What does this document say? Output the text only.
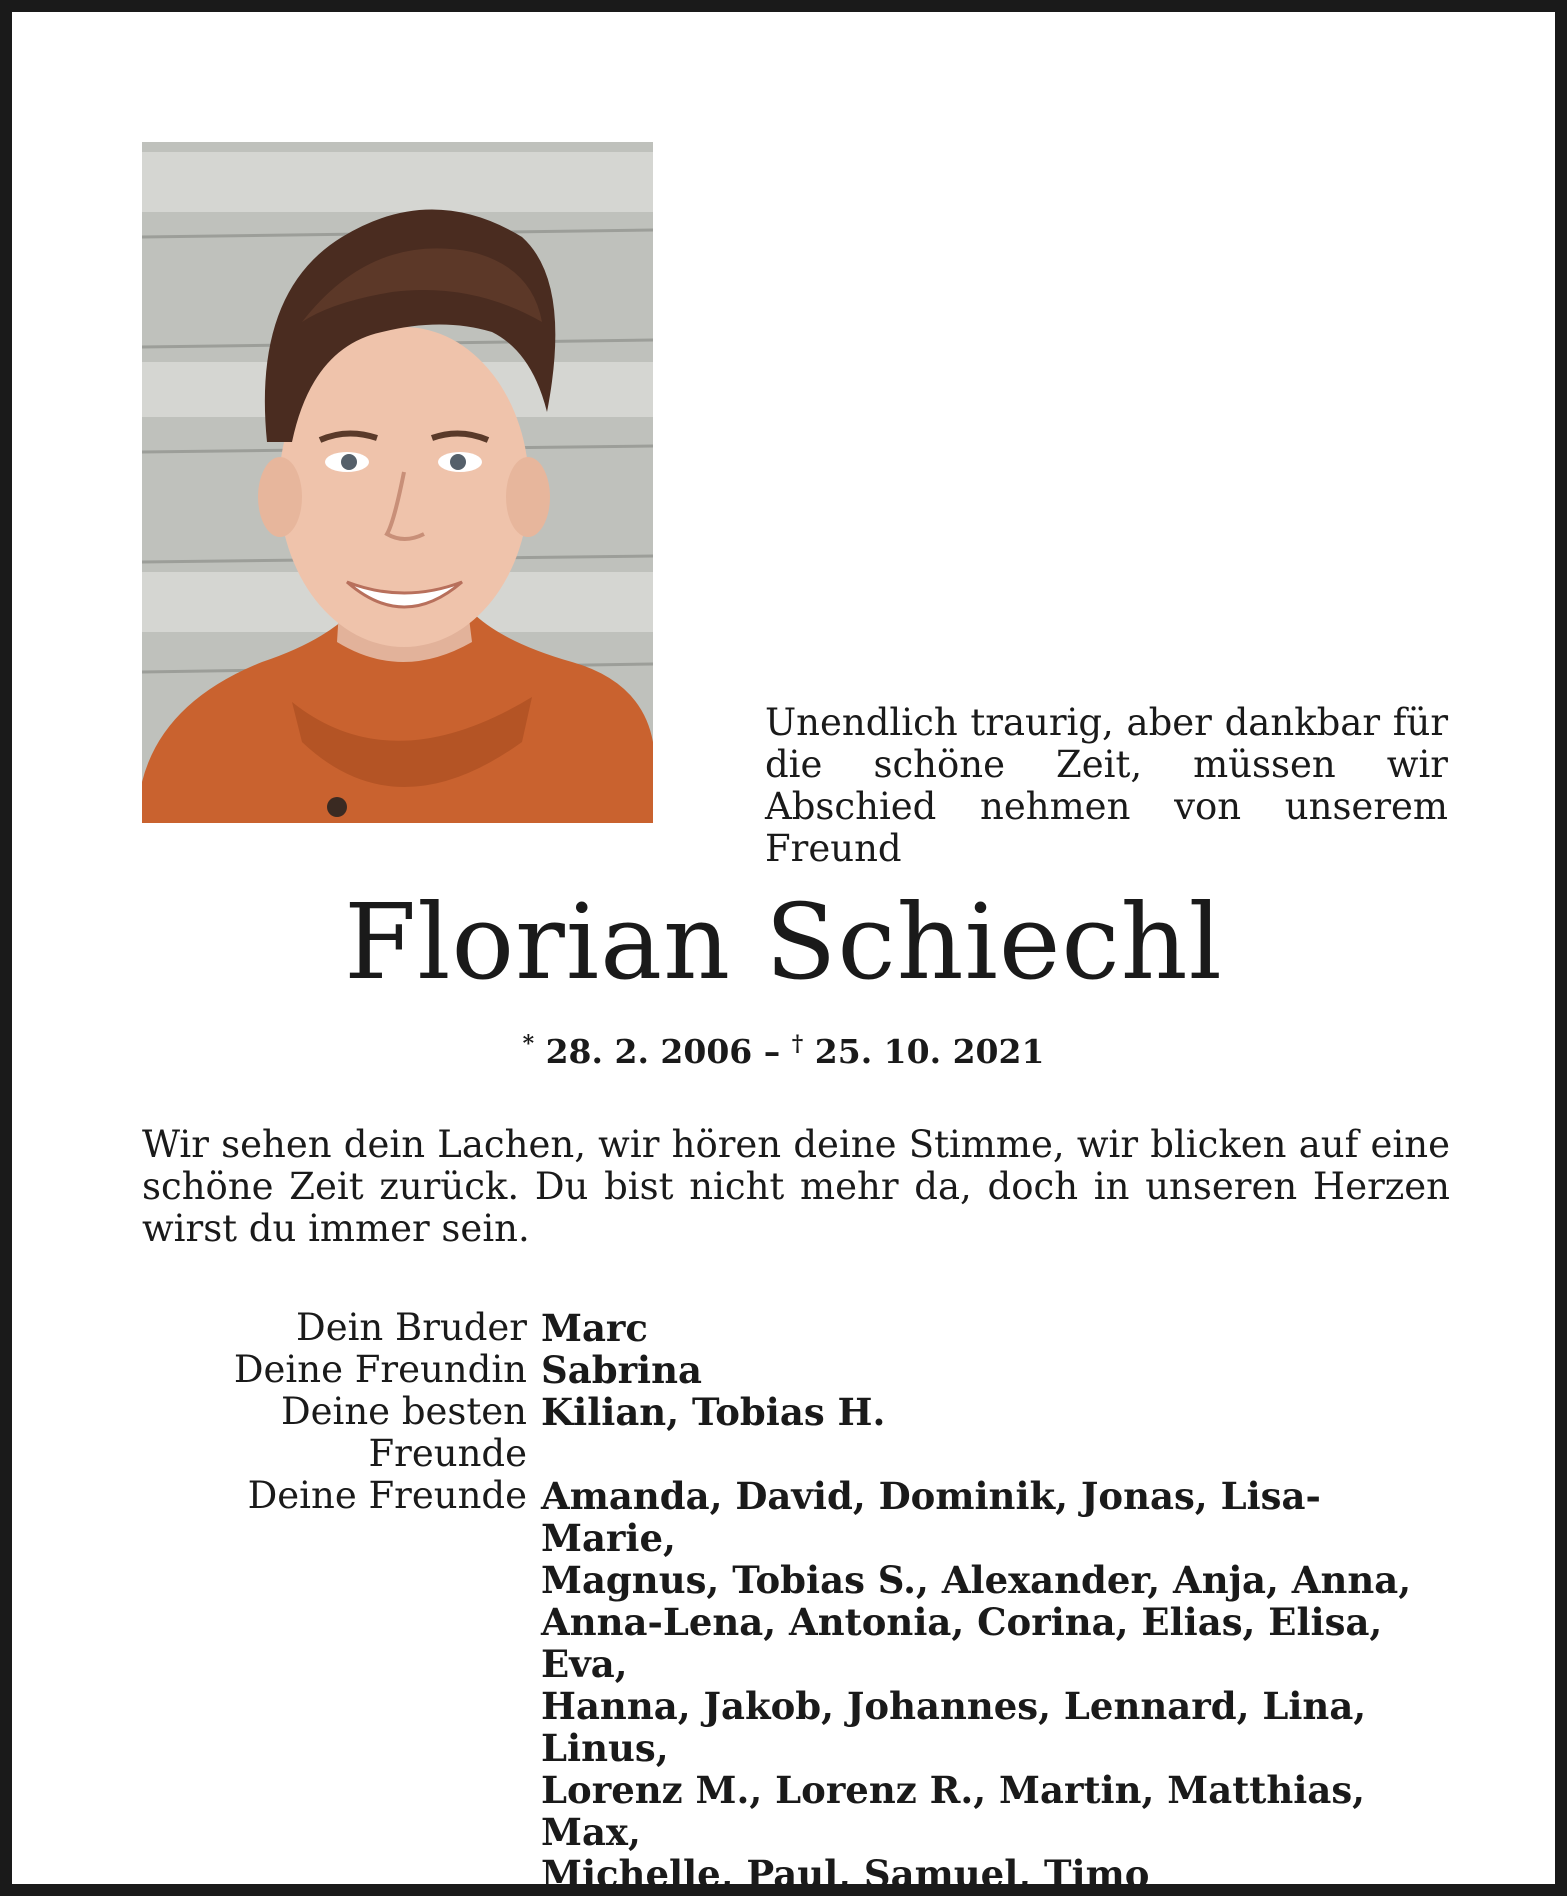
Unendlich traurig, aber dankbar für die schöne Zeit, müssen wir Abschied nehmen von unserem Freund
Florian Schiechl
* 28. 2. 2006 – † 25. 10. 2021
Wir sehen dein Lachen, wir hören deine Stimme, wir blicken auf eine schöne Zeit zurück. Du bist nicht mehr da, doch in unseren Herzen wirst du immer sein.
Dein Bruder Marc
Deine Freundin Sabrina
Deine besten Freunde
Kilian, Tobias H.
Deine Freunde Amanda, David, Dominik, Jonas, Lisa-Marie,
Magnus, Tobias S., Alexander, Anja, Anna,
Anna-Lena, Antonia, Corina, Elias, Elisa, Eva,
Hanna, Jakob, Johannes, Lennard, Lina, Linus,
Lorenz M., Lorenz R., Martin, Matthias, Max,
Michelle, Paul, Samuel, Timo
